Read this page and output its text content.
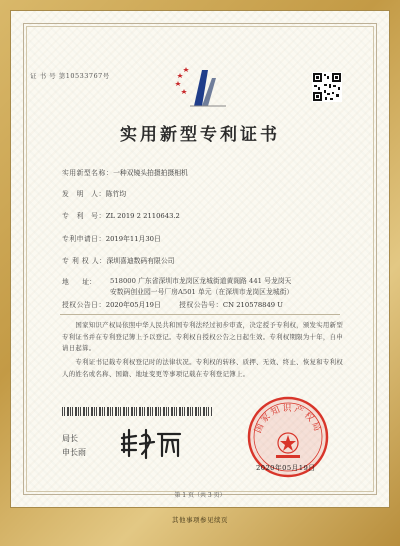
证 书 号 第10533767号
实用新型专利证书
实用新型名称：一种双镜头拍摄拍摄相机
发　明　人：陈竹均
专　利　号：ZL 2019 2 2110643.2
专利申请日：2019年11月30日
专 利 权 人：深圳喜迪数码有限公司
地　　址： 518000 广东省深圳市龙岗区龙城街道黄阁路 441 号龙岗天
安数码创业园一号厂房A501 单元（在深圳市龙岗区龙城街）
授权公告日：2020年05月19日	授权公告号：CN 210578849 U
　　国家知识产权局依照中华人民共和国专利法经过初步审查，决定授予专利权，颁发实用新型专利证书并在专利登记簿上予以登记。专利权自授权公告之日起生效。专利权期限为十年，自申请日起算。
　　专利证书记载专利权登记时的法律状况。专利权的转移、质押、无效、终止、恢复和专利权人的姓名或名称、国籍、地址变更等事项记载在专利登记簿上。
局长
申长雨
国家知识产权局
2020年05月19日
第 1 页（共 3 页）
其他事项参见续页
